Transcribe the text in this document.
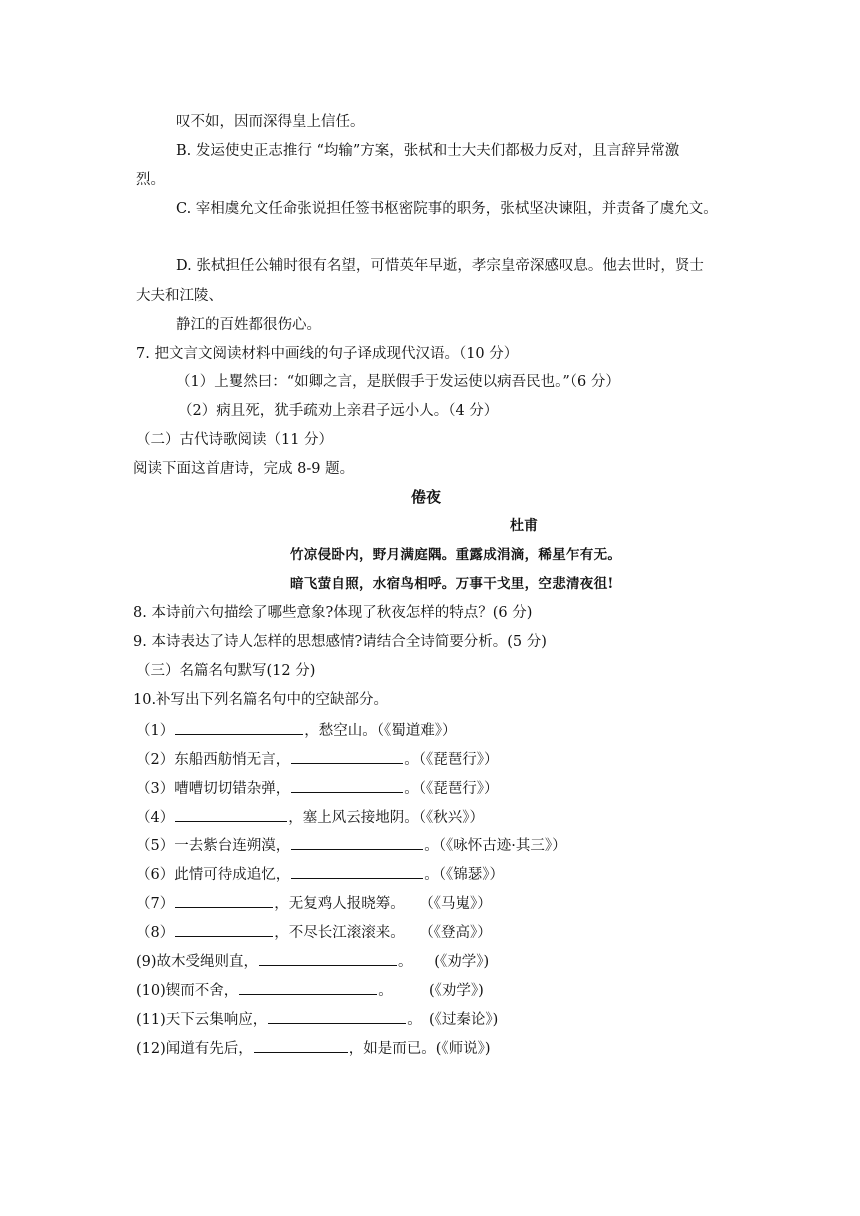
叹不如，因而深得皇上信任。
B. 发运使史正志推行 “均输”方案，张栻和士大夫们都极力反对，且言辞异常激
烈。
C. 宰相虞允文任命张说担任签书枢密院事的职务，张栻坚决谏阻，并责备了虞允文。
D. 张栻担任公辅时很有名望，可惜英年早逝，孝宗皇帝深感叹息。他去世时，贤士
大夫和江陵、
静江的百姓都很伤心。
7. 把文言文阅读材料中画线的句子译成现代汉语。（10 分）
（1）上矍然曰：“如卿之言，是朕假手于发运使以病吾民也。”（6 分）
（2）病且死，犹手疏劝上亲君子远小人。（4 分）
（二）古代诗歌阅读（11 分）
阅读下面这首唐诗，完成 8-9 题。
倦夜
杜甫
竹凉侵卧内，野月满庭隅。重露成涓滴，稀星乍有无。
暗飞萤自照，水宿鸟相呼。万事干戈里，空悲清夜徂!
8. 本诗前六句描绘了哪些意象?体现了秋夜怎样的特点？(6 分)
9. 本诗表达了诗人怎样的思想感情?请结合全诗简要分析。(5 分)
（三）名篇名句默写(12 分)
10.补写出下列名篇名句中的空缺部分。
（1）	，愁空山。（《蜀道难》）
（2）东船西舫悄无言，	。（《琵琶行》）
（3）嘈嘈切切错杂弹，	。（《琵琶行》）
（4）	，塞上风云接地阴。（《秋兴》）
（5）一去紫台连朔漠，	。（《咏怀古迹·其三》）
（6）此情可待成追忆，	。（《锦瑟》）
（7）	，无复鸡人报晓筹。　　（《马嵬》）
（8）	，不尽长江滚滚来。　　（《登高》）
(9)故木受绳则直，	。　　(《劝学》)
(10)锲而不舍，	。　　　(《劝学》)
(11)天下云集响应，	。　(《过秦论》)
(12)闻道有先后，	，如是而已。(《师说》)
